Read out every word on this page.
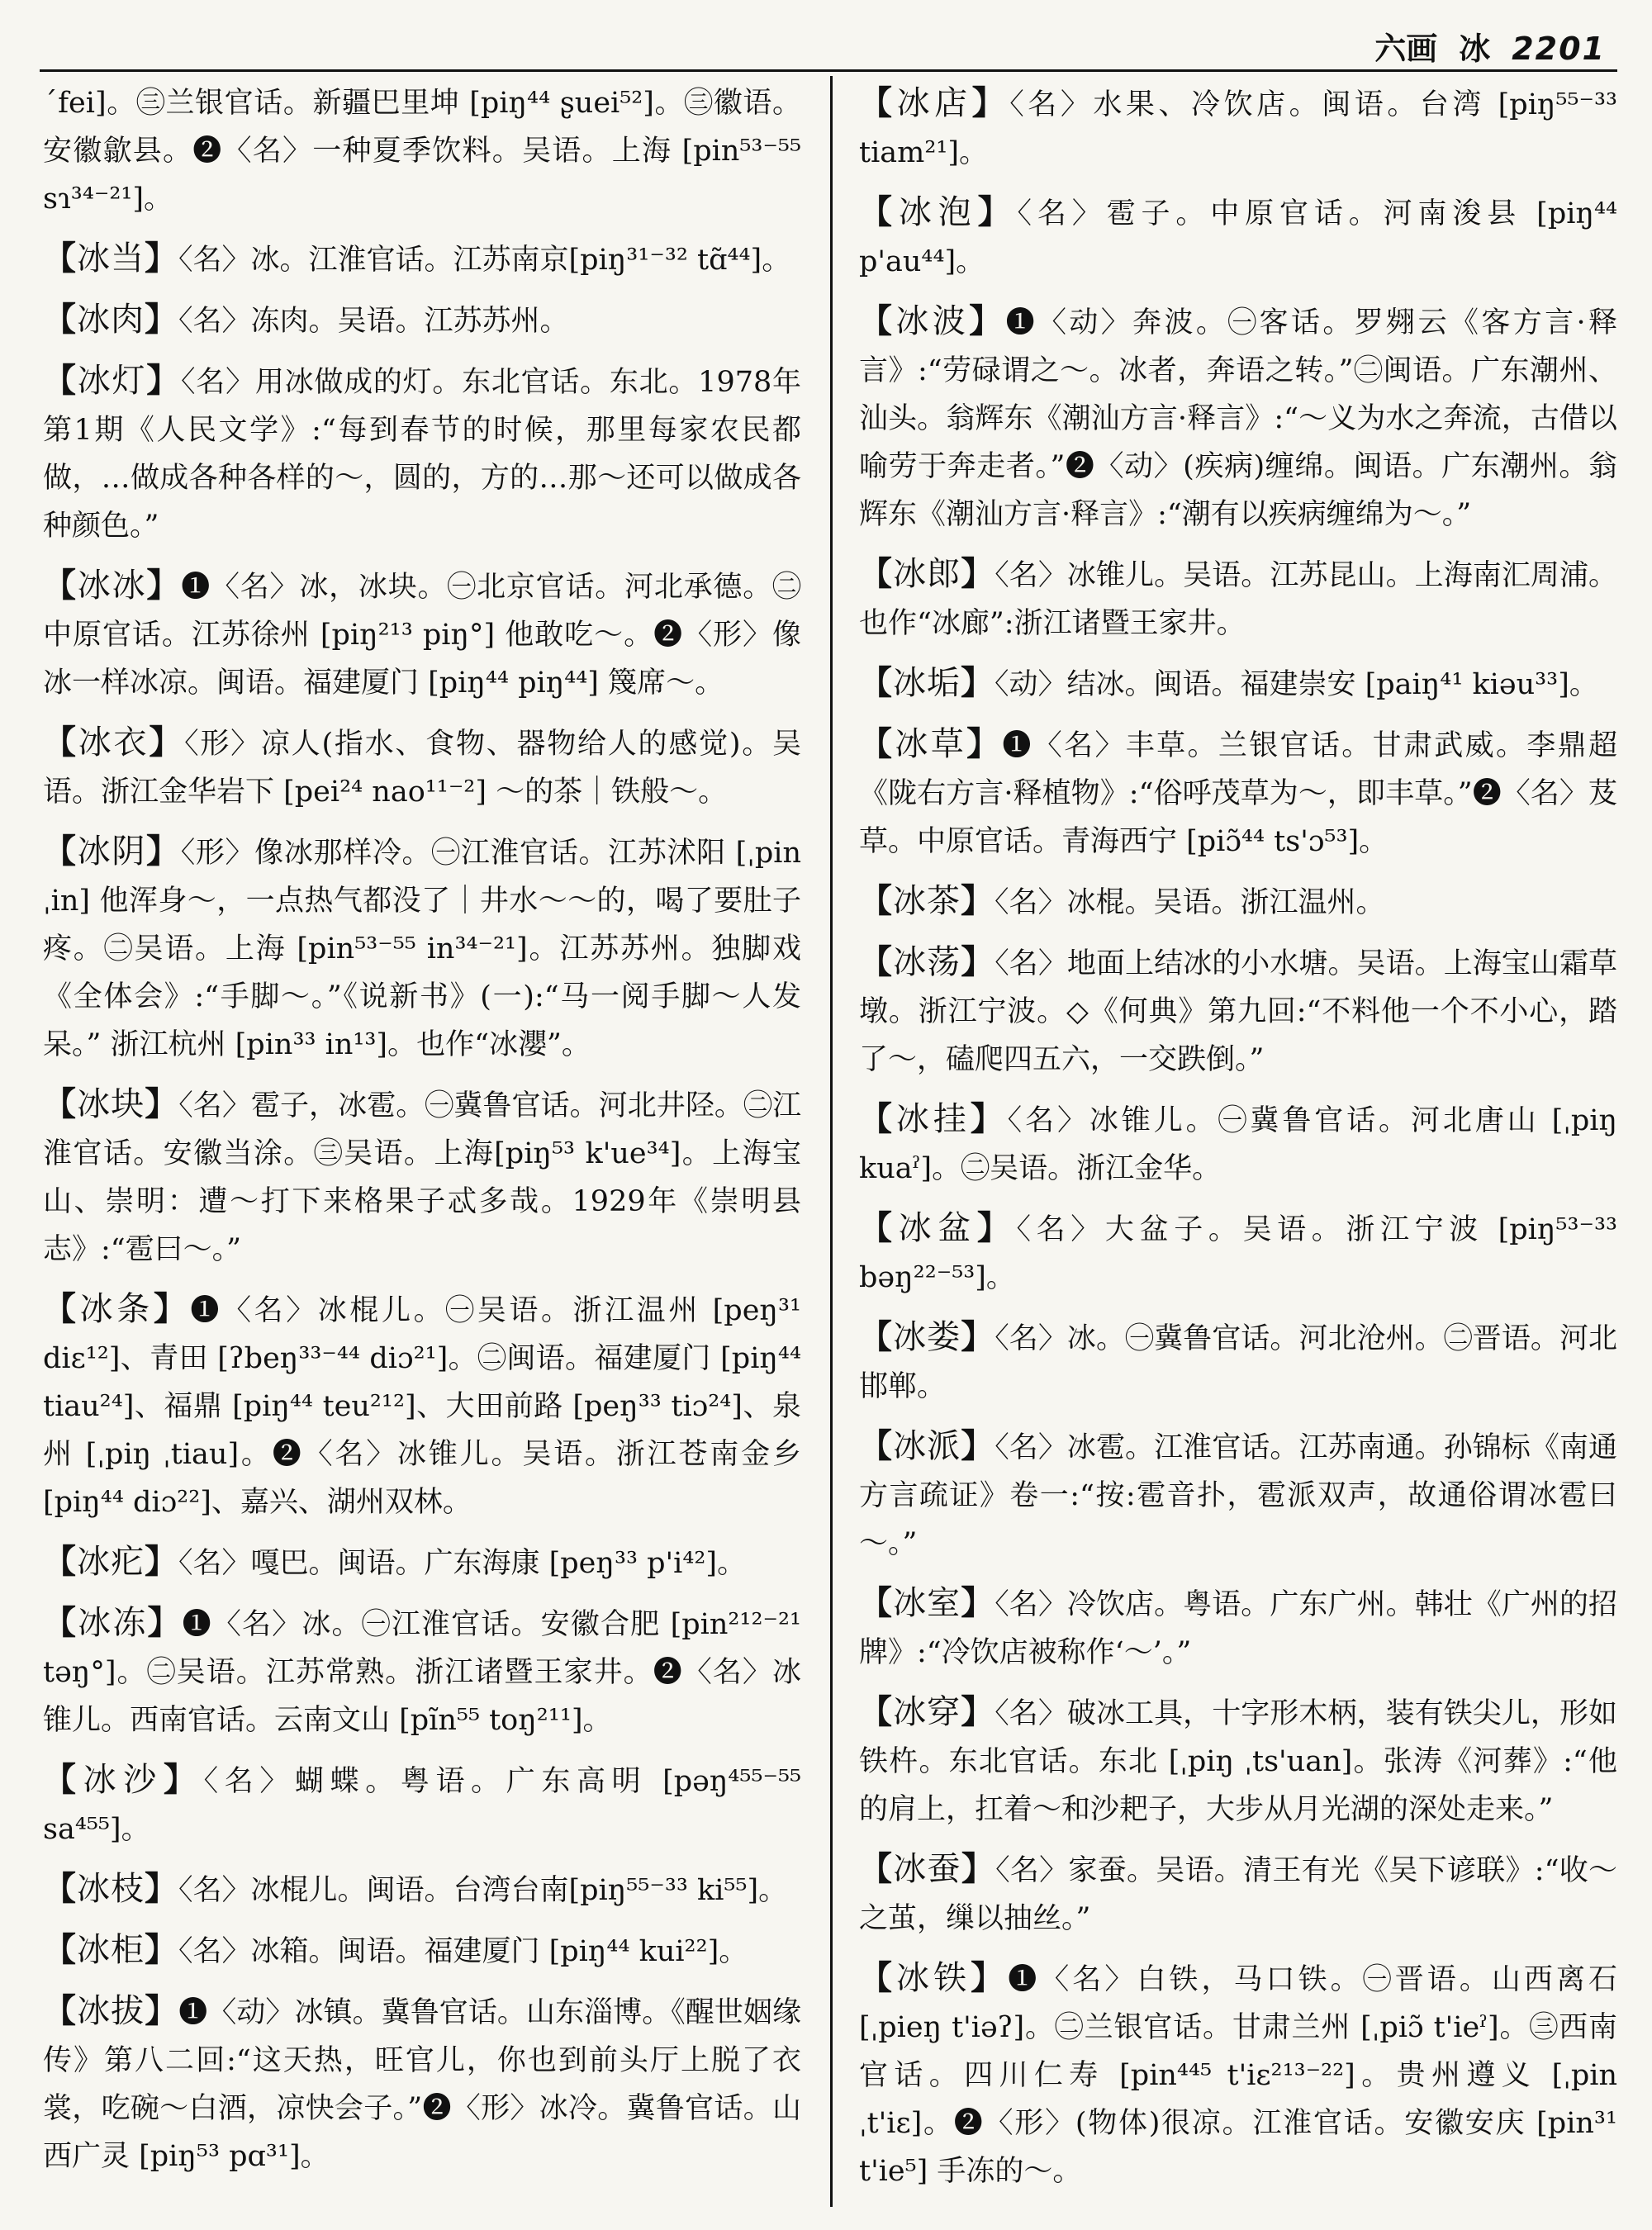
六画 冰 2201
ˊfei]。㊂兰银官话。新疆巴里坤 [piŋ⁴⁴ ʂuei⁵²]。㊂徽语。安徽歙县。❷〈名〉一种夏季饮料。吴语。上海 [pin⁵³⁻⁵⁵ sɿ³⁴⁻²¹]。
【冰当】〈名〉冰。江淮官话。江苏南京[piŋ³¹⁻³² tɑ̃⁴⁴]。
【冰肉】〈名〉冻肉。吴语。江苏苏州。
【冰灯】〈名〉用冰做成的灯。东北官话。东北。1978年第1期《人民文学》:“每到春节的时候，那里每家农民都做，…做成各种各样的～，圆的，方的…那～还可以做成各种颜色。”
【冰冰】❶〈名〉冰，冰块。㊀北京官话。河北承德。㊁中原官话。江苏徐州 [piŋ²¹³ piŋ°] 他敢吃～。❷〈形〉像冰一样冰凉。闽语。福建厦门 [piŋ⁴⁴ piŋ⁴⁴] 篾席～。
【冰衣】〈形〉凉人(指水、食物、器物给人的感觉)。吴语。浙江金华岩下 [pei²⁴ nao¹¹⁻²] ～的茶｜铁般～。
【冰阴】〈形〉像冰那样冷。㊀江淮官话。江苏沭阳 [ˌpin ˌin] 他浑身～，一点热气都没了｜井水～～的，喝了要肚子疼。㊁吴语。上海 [pin⁵³⁻⁵⁵ in³⁴⁻²¹]。江苏苏州。独脚戏《全体会》:“手脚～。”《说新书》(一):“马一阅手脚～人发呆。” 浙江杭州 [pin³³ in¹³]。也作“冰瀴”。
【冰块】〈名〉雹子，冰雹。㊀冀鲁官话。河北井陉。㊁江淮官话。安徽当涂。㊂吴语。上海[piŋ⁵³ k'ue³⁴]。上海宝山、崇明：遭～打下来格果子忒多哉。1929年《崇明县志》:“雹曰～。”
【冰条】❶〈名〉冰棍儿。㊀吴语。浙江温州 [peŋ³¹ diɛ¹²]、青田 [ʔbeŋ³³⁻⁴⁴ diɔ²¹]。㊁闽语。福建厦门 [piŋ⁴⁴ tiau²⁴]、福鼎 [piŋ⁴⁴ teu²¹²]、大田前路 [peŋ³³ tiɔ²⁴]、泉州 [ˌpiŋ ˌtiau]。❷〈名〉冰锥儿。吴语。浙江苍南金乡 [piŋ⁴⁴ diɔ²²]、嘉兴、湖州双林。
【冰疕】〈名〉嘎巴。闽语。广东海康 [peŋ³³ p'i⁴²]。
【冰冻】❶〈名〉冰。㊀江淮官话。安徽合肥 [pin²¹²⁻²¹ təŋ°]。㊁吴语。江苏常熟。浙江诸暨王家井。❷〈名〉冰锥儿。西南官话。云南文山 [pĩn⁵⁵ toŋ²¹¹]。
【冰沙】〈名〉蝴蝶。粤语。广东高明 [pəŋ⁴⁵⁵⁻⁵⁵ sa⁴⁵⁵]。
【冰枝】〈名〉冰棍儿。闽语。台湾台南[piŋ⁵⁵⁻³³ ki⁵⁵]。
【冰柜】〈名〉冰箱。闽语。福建厦门 [piŋ⁴⁴ kui²²]。
【冰拔】❶〈动〉冰镇。冀鲁官话。山东淄博。《醒世姻缘传》第八二回:“这天热，旺官儿，你也到前头厅上脱了衣裳，吃碗～白酒，凉快会子。”❷〈形〉冰冷。冀鲁官话。山西广灵 [piŋ⁵³ pɑ³¹]。
【冰店】〈名〉水果、冷饮店。闽语。台湾 [piŋ⁵⁵⁻³³ tiam²¹]。
【冰泡】〈名〉雹子。中原官话。河南浚县 [piŋ⁴⁴ p'au⁴⁴]。
【冰波】❶〈动〉奔波。㊀客话。罗翙云《客方言·释言》:“劳碌谓之～。冰者，奔语之转。”㊁闽语。广东潮州、汕头。翁辉东《潮汕方言·释言》:“～义为水之奔流，古借以喻劳于奔走者。”❷〈动〉(疾病)缠绵。闽语。广东潮州。翁辉东《潮汕方言·释言》:“潮有以疾病缠绵为～。”
【冰郎】〈名〉冰锥儿。吴语。江苏昆山。上海南汇周浦。也作“冰廊”:浙江诸暨王家井。
【冰垢】〈动〉结冰。闽语。福建崇安 [paiŋ⁴¹ kiəu³³]。
【冰草】❶〈名〉丰草。兰银官话。甘肃武威。李鼎超《陇右方言·释植物》:“俗呼茂草为～，即丰草。”❷〈名〉芨草。中原官话。青海西宁 [piɔ̃⁴⁴ ts'ɔ⁵³]。
【冰茶】〈名〉冰棍。吴语。浙江温州。
【冰荡】〈名〉地面上结冰的小水塘。吴语。上海宝山霜草墩。浙江宁波。◇《何典》第九回:“不料他一个不小心，踏了～，磕爬四五六，一交跌倒。”
【冰挂】〈名〉冰锥儿。㊀冀鲁官话。河北唐山 [ˌpiŋ kuaˀ]。㊁吴语。浙江金华。
【冰盆】〈名〉大盆子。吴语。浙江宁波 [piŋ⁵³⁻³³ bəŋ²²⁻⁵³]。
【冰娄】〈名〉冰。㊀冀鲁官话。河北沧州。㊁晋语。河北邯郸。
【冰派】〈名〉冰雹。江淮官话。江苏南通。孙锦标《南通方言疏证》卷一:“按:雹音扑，雹派双声，故通俗谓冰雹曰～。”
【冰室】〈名〉冷饮店。粤语。广东广州。韩壮《广州的招牌》:“冷饮店被称作‘～’。”
【冰穿】〈名〉破冰工具，十字形木柄，装有铁尖儿，形如铁杵。东北官话。东北 [ˌpiŋ ˌts'uan]。张涛《河葬》:“他的肩上，扛着～和沙耙子，大步从月光湖的深处走来。”
【冰蚕】〈名〉家蚕。吴语。清王有光《吴下谚联》:“收～之茧，缫以抽丝。”
【冰铁】❶〈名〉白铁，马口铁。㊀晋语。山西离石 [ˌpieŋ t'iəʔ]。㊁兰银官话。甘肃兰州 [ˌpiɔ̃ t'ieˀ]。㊂西南官话。四川仁寿 [pin⁴⁴⁵ t'iɛ²¹³⁻²²]。贵州遵义 [ˌpin ˌt'iɛ]。❷〈形〉(物体)很凉。江淮官话。安徽安庆 [pin³¹ t'ie⁵] 手冻的～。
